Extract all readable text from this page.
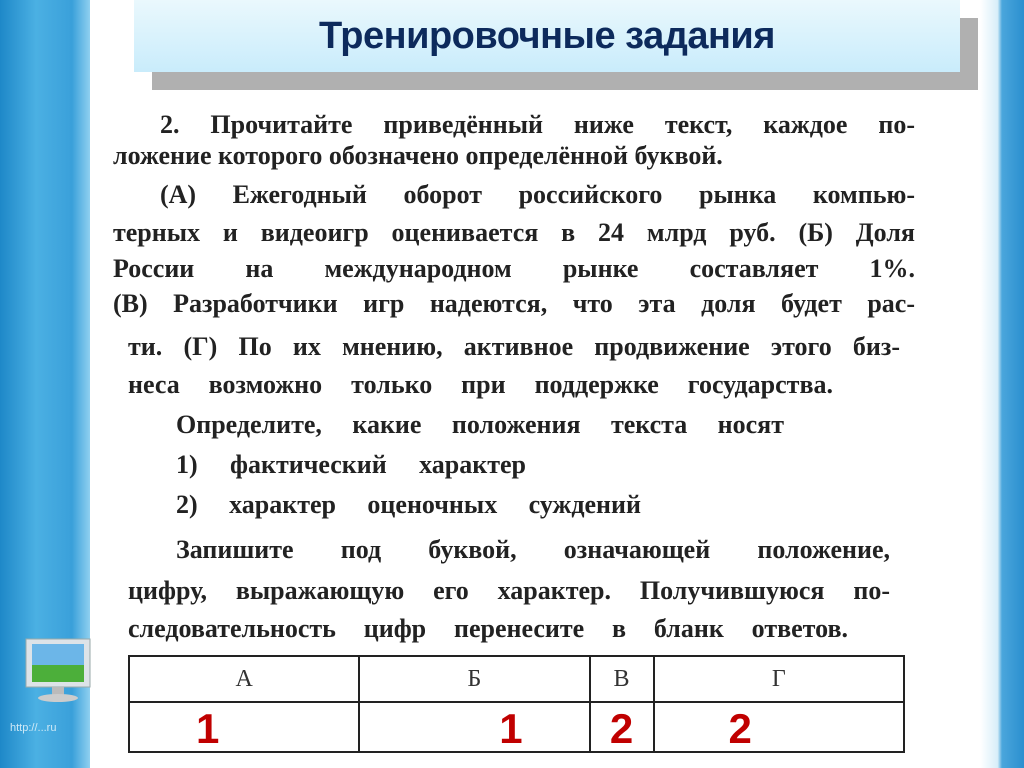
Тренировочные задания
2. Прочитайте приведённый ниже текст, каждое по-
ложение которого обозначено определённой буквой.
(А) Ежегодный оборот российского рынка компью-
терных и видеоигр оценивается в 24 млрд руб. (Б) Доля
России на международном рынке составляет 1%.
(В) Разработчики игр надеются, что эта доля будет рас-
ти. (Г) По их мнению, активное продвижение этого биз-
неса возможно только при поддержке государства.
Определите, какие положения текста носят
1) фактический характер
2) характер оценочных суждений
Запишите под буквой, означающей положение,
цифру, выражающую его характер. Получившуюся по-
следовательность цифр перенесите в бланк ответов.
http://...ru
А	Б	В	Г
1	1	2	2
